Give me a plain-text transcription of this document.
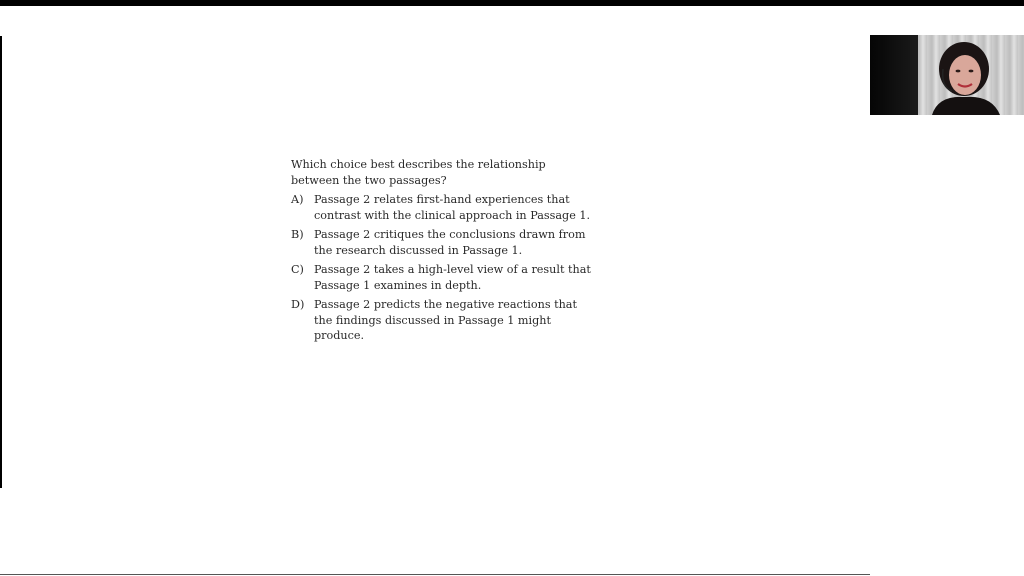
Which choice best describes the relationship between the two passages?

A) Passage 2 relates first-hand experiences that contrast with the clinical approach in Passage 1.
B) Passage 2 critiques the conclusions drawn from the research discussed in Passage 1.
C) Passage 2 takes a high-level view of a result that Passage 1 examines in depth.
D) Passage 2 predicts the negative reactions that the findings discussed in Passage 1 might produce.
